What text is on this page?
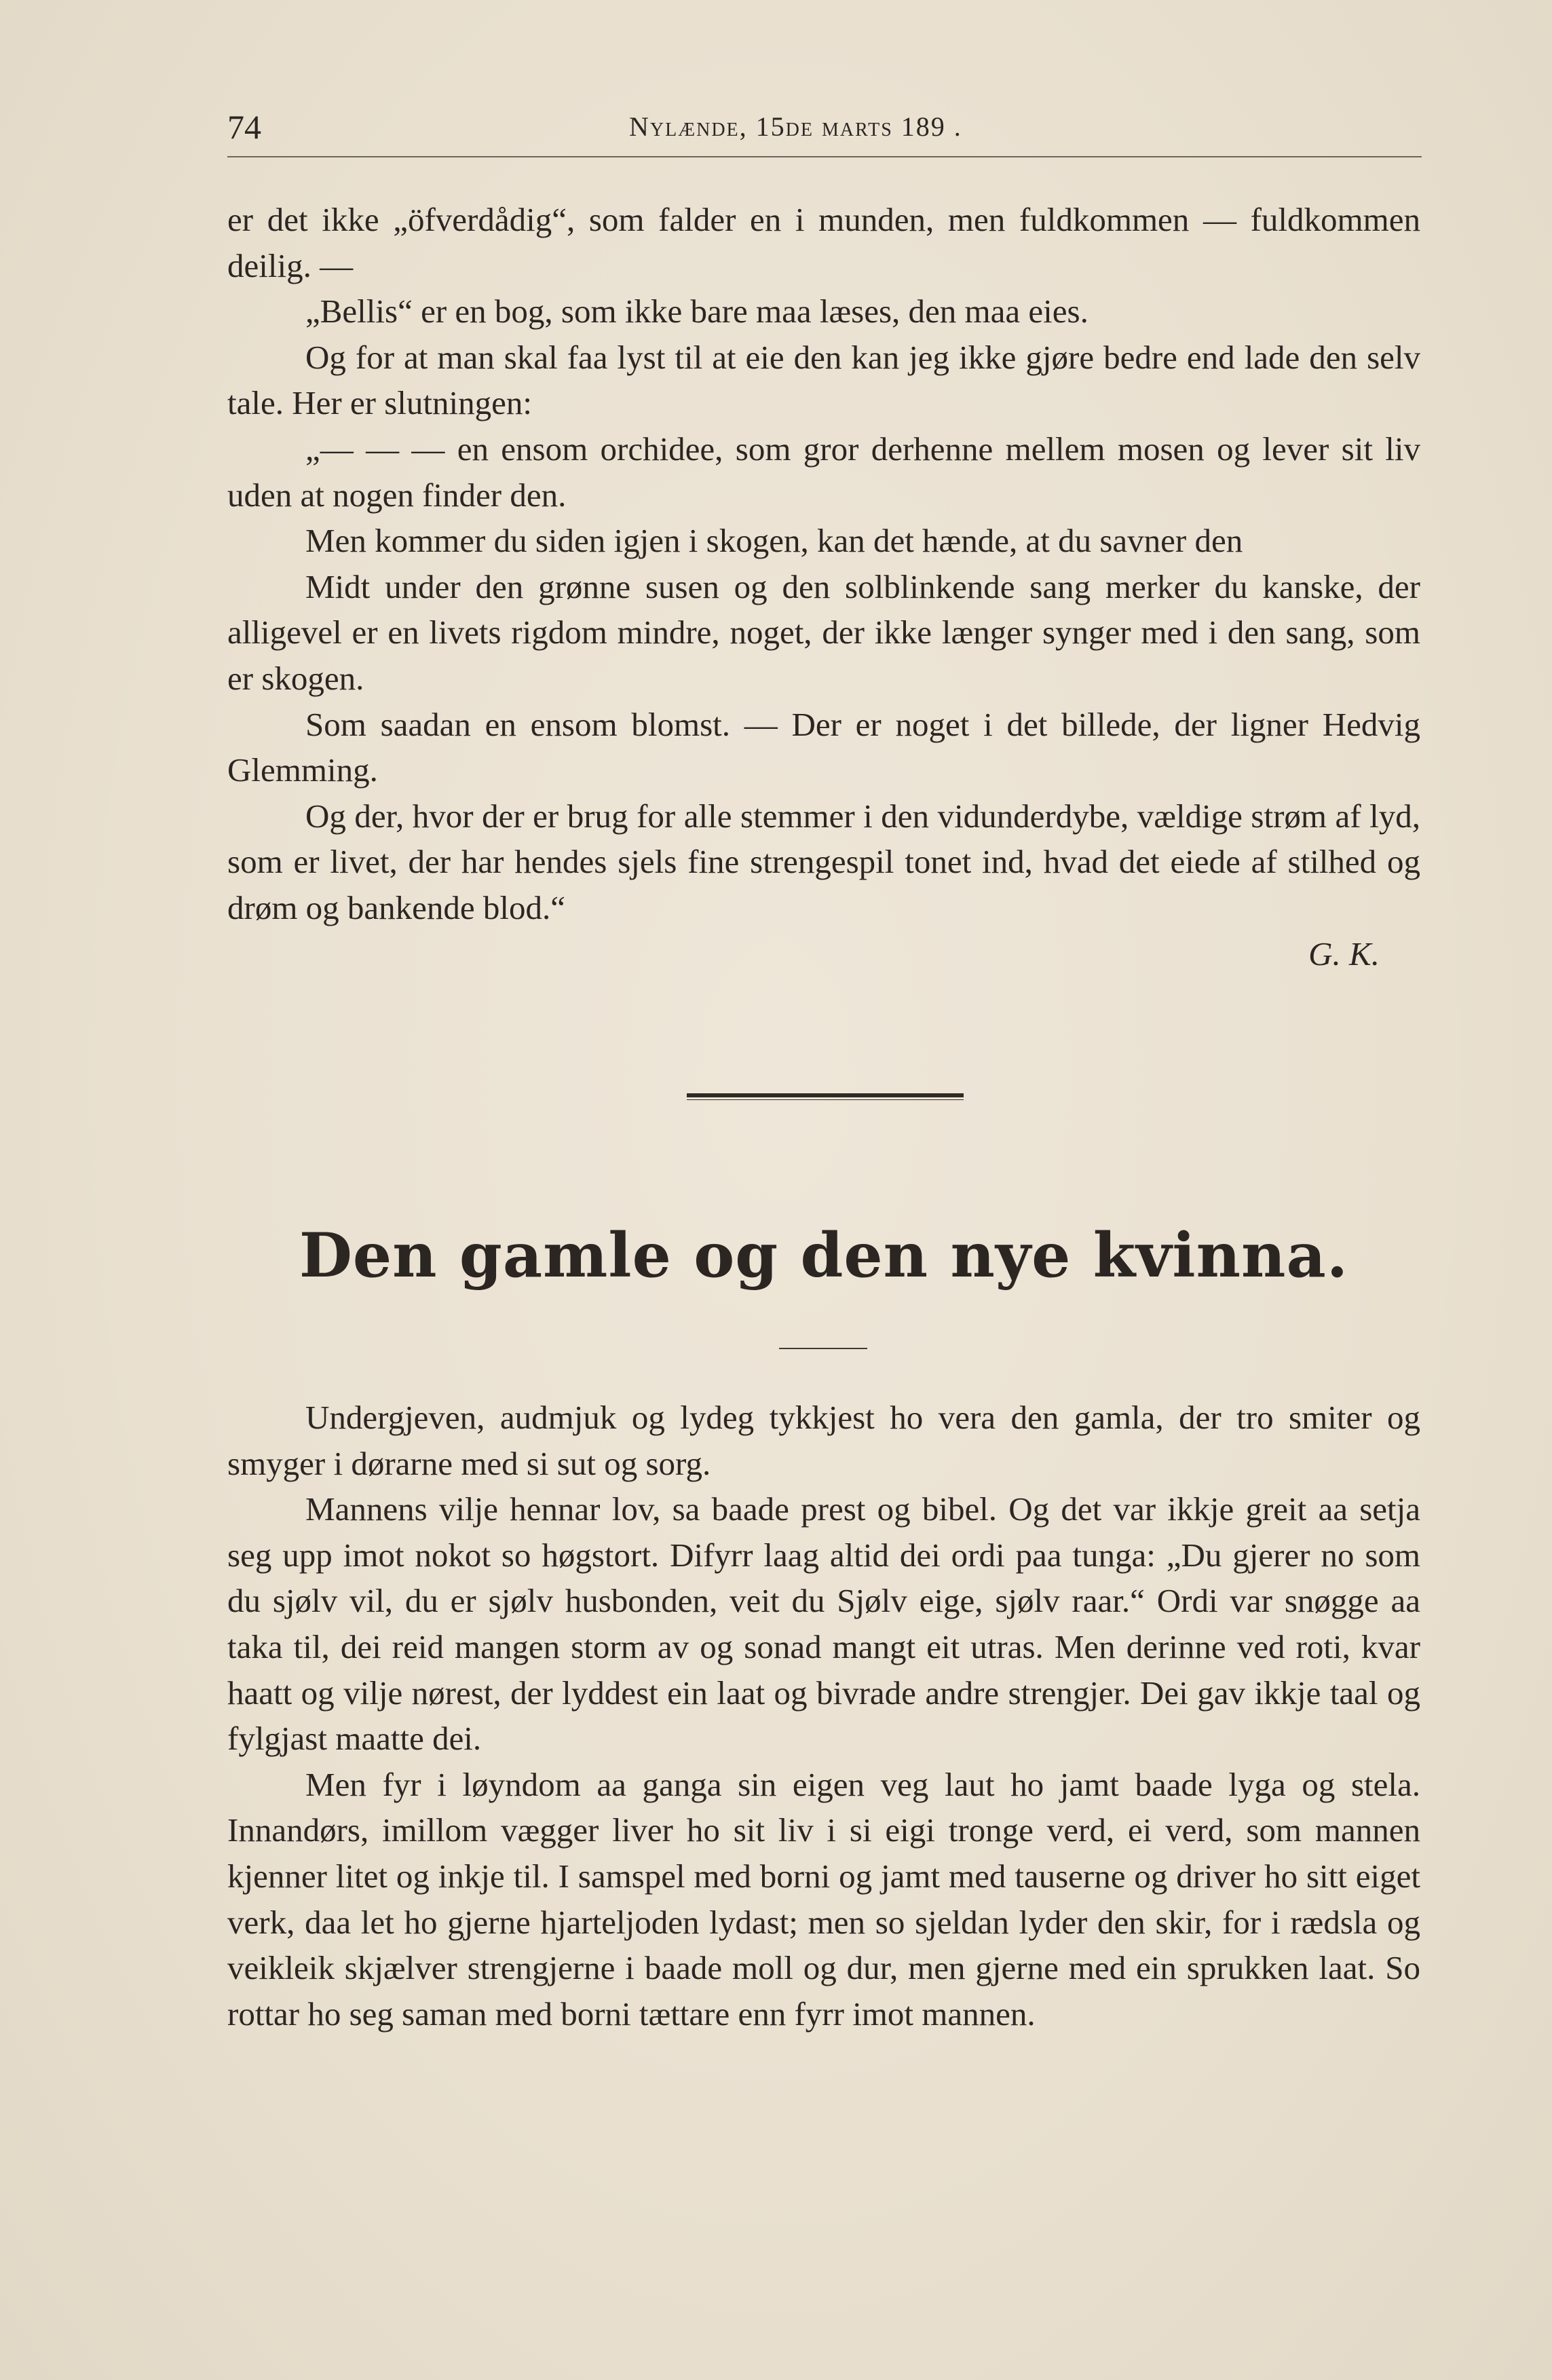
74	Nylænde, 15de marts 189 .

er det ikke „öfverdådig“, som falder en i munden, men fuldkommen — fuldkommen deilig. —

„Bellis“ er en bog, som ikke bare maa læses, den maa eies.

Og for at man skal faa lyst til at eie den kan jeg ikke gjøre bedre end lade den selv tale. Her er slutningen:

„— — — en ensom orchidee, som gror derhenne mellem mosen og lever sit liv uden at nogen finder den.

Men kommer du siden igjen i skogen, kan det hænde, at du savner den

Midt under den grønne susen og den solblinkende sang merker du kanske, der alligevel er en livets rigdom mindre, noget, der ikke længer synger med i den sang, som er skogen.

Som saadan en ensom blomst. — Der er noget i det billede, der ligner Hedvig Glemming.

Og der, hvor der er brug for alle stemmer i den vidunderdybe, vældige strøm af lyd, som er livet, der har hendes sjels fine strengespil tonet ind, hvad det eiede af stilhed og drøm og bankende blod.“

G. K.

Den gamle og den nye kvinna.

Undergjeven, audmjuk og lydeg tykkjest ho vera den gamla, der tro smiter og smyger i dørarne med si sut og sorg.

Mannens vilje hennar lov, sa baade prest og bibel. Og det var ikkje greit aa setja seg upp imot nokot so høgstort. Difyrr laag altid dei ordi paa tunga: „Du gjerer no som du sjølv vil, du er sjølv husbonden, veit du Sjølv eige, sjølv raar.“ Ordi var snøgge aa taka til, dei reid mangen storm av og sonad mangt eit utras. Men derinne ved roti, kvar haatt og vilje nørest, der lyddest ein laat og bivrade andre strengjer. Dei gav ikkje taal og fylgjast maatte dei.

Men fyr i løyndom aa ganga sin eigen veg laut ho jamt baade lyga og stela. Innandørs, imillom vægger liver ho sit liv i si eigi tronge verd, ei verd, som mannen kjenner litet og inkje til. I samspel med borni og jamt med tauserne og driver ho sitt eiget verk, daa let ho gjerne hjarteljoden lydast; men so sjeldan lyder den skir, for i rædsla og veikleik skjælver strengjerne i baade moll og dur, men gjerne med ein sprukken laat. So rottar ho seg saman med borni tættare enn fyrr imot mannen.
